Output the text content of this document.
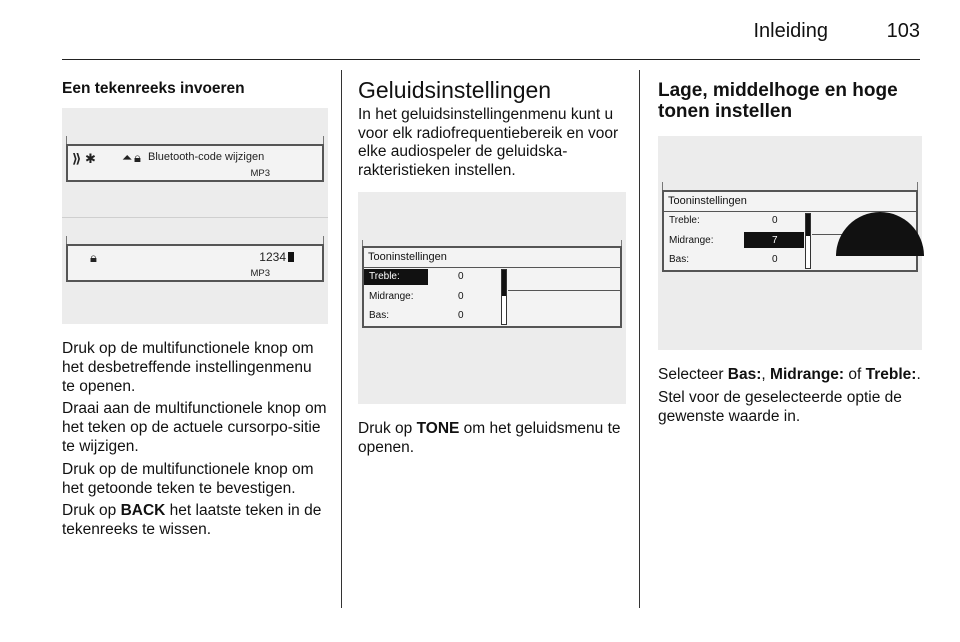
Inleiding	103
Een tekenreeks invoeren
⟫ ✱ ⏶ 🔒︎ Bluetooth-code wijzigen
MP3
🔒︎	1234
MP3

Druk op de multifunctionele knop om het desbetreffende instellingenmenu te openen.

Draai aan de multifunctionele knop om het teken op de actuele cursorpo-sitie te wijzigen.

Druk op de multifunctionele knop om het getoonde teken te bevestigen.

Druk op BACK het laatste teken in de tekenreeks te wissen.

Geluidsinstellingen

In het geluidsinstellingenmenu kunt u voor elk radiofrequentiebereik en voor elke audiospeler de geluidska-rakteristieken instellen.

Tooninstellingen
Treble:	0
Midrange:	0
Bas:	0

Druk op TONE om het geluidsmenu te openen.

Lage, middelhoge en hoge tonen instellen
Tooninstellingen
Treble:	0
Midrange:	7
Bas:	0

Selecteer Bas:, Midrange: of Treble:.

Stel voor de geselecteerde optie de gewenste waarde in.
